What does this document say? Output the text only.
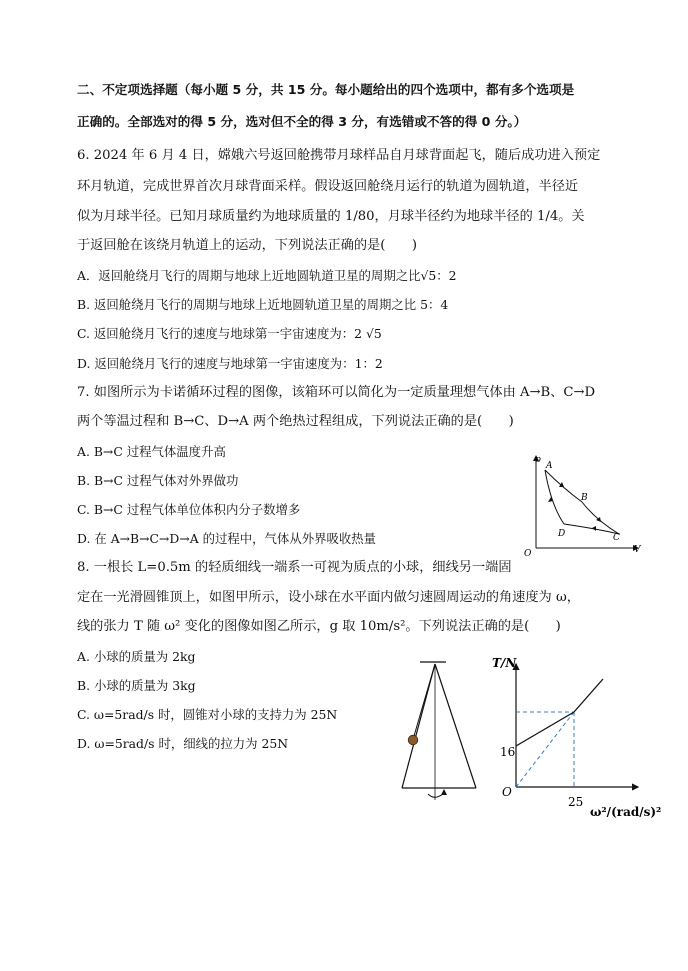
二、不定项选择题（每小题 5 分，共 15 分。每小题给出的四个选项中，都有多个选项是
正确的。全部选对的得 5 分，选对但不全的得 3 分，有选错或不答的得 0 分。）
6. 2024 年 6 月 4 日，嫦娥六号返回舱携带月球样品自月球背面起飞，随后成功进入预定
环月轨道，完成世界首次月球背面采样。假设返回舱绕月运行的轨道为圆轨道，半径近
似为月球半径。已知月球质量约为地球质量的 1/80，月球半径约为地球半径的 1/4。关
于返回舱在该绕月轨道上的运动，下列说法正确的是(　　)
A．返回舱绕月飞行的周期与地球上近地圆轨道卫星的周期之比√5：2
B. 返回舱绕月飞行的周期与地球上近地圆轨道卫星的周期之比 5：4
C. 返回舱绕月飞行的速度与地球第一宇宙速度为：2 √5
D. 返回舱绕月飞行的速度与地球第一宇宙速度为：1：2
7. 如图所示为卡诺循环过程的图像，该箱环可以简化为一定质量理想气体由 A→B、C→D
两个等温过程和 B→C、D→A 两个绝热过程组成，下列说法正确的是(　　)
A. B→C 过程气体温度升高
B. B→C 过程气体对外界做功
C. B→C 过程气体单位体积内分子数增多
D. 在 A→B→C→D→A 的过程中，气体从外界吸收热量
p
V
O
A
B
C
D
8. 一根长 L=0.5m 的轻质细线一端系一可视为质点的小球，细线另一端固
定在一光滑圆锥顶上，如图甲所示，设小球在水平面内做匀速圆周运动的角速度为 ω，
线的张力 T 随 ω² 变化的图像如图乙所示，g 取 10m/s²。下列说法正确的是(　　)
A. 小球的质量为 2kg
B. 小球的质量为 3kg
C. ω=5rad/s 时，圆锥对小球的支持力为 25N
D. ω=5rad/s 时，细线的拉力为 25N
T/N
ω²/(rad/s)²
O
16
25
